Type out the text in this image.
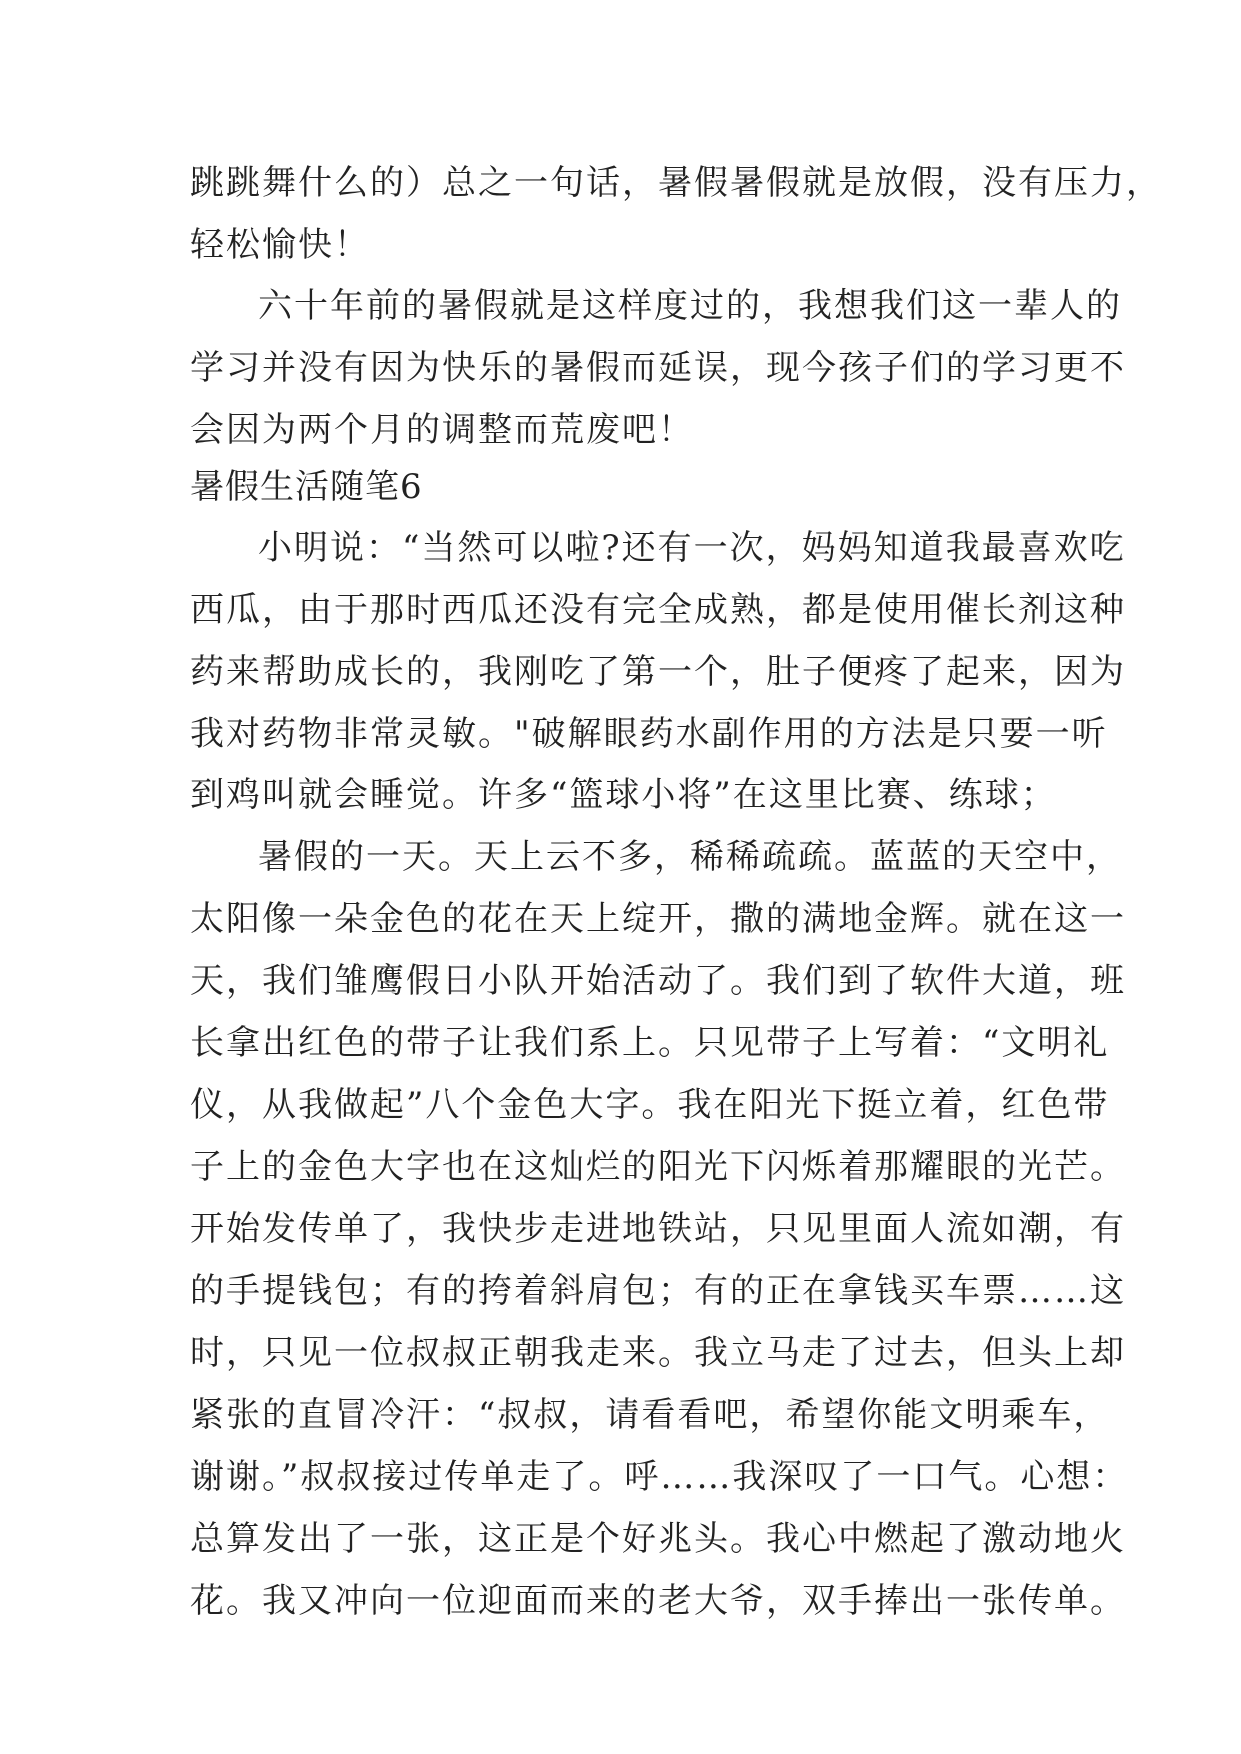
跳跳舞什么的）总之一句话，暑假暑假就是放假，没有压力，
轻松愉快！
六十年前的暑假就是这样度过的，我想我们这一辈人的
学习并没有因为快乐的暑假而延误，现今孩子们的学习更不
会因为两个月的调整而荒废吧！
暑假生活随笔6
小明说：“当然可以啦?还有一次，妈妈知道我最喜欢吃
西瓜，由于那时西瓜还没有完全成熟，都是使用催长剂这种
药来帮助成长的，我刚吃了第一个，肚子便疼了起来，因为
我对药物非常灵敏。"破解眼药水副作用的方法是只要一听
到鸡叫就会睡觉。许多“篮球小将”在这里比赛、练球；
暑假的一天。天上云不多，稀稀疏疏。蓝蓝的天空中，
太阳像一朵金色的花在天上绽开，撒的满地金辉。就在这一
天，我们雏鹰假日小队开始活动了。我们到了软件大道，班
长拿出红色的带子让我们系上。只见带子上写着：“文明礼
仪，从我做起”八个金色大字。我在阳光下挺立着，红色带
子上的金色大字也在这灿烂的阳光下闪烁着那耀眼的光芒。
开始发传单了，我快步走进地铁站，只见里面人流如潮，有
的手提钱包；有的挎着斜肩包；有的正在拿钱买车票……这
时，只见一位叔叔正朝我走来。我立马走了过去，但头上却
紧张的直冒冷汗：“叔叔，请看看吧，希望你能文明乘车，
谢谢。”叔叔接过传单走了。呼……我深叹了一口气。心想：
总算发出了一张，这正是个好兆头。我心中燃起了激动地火
花。我又冲向一位迎面而来的老大爷，双手捧出一张传单。
